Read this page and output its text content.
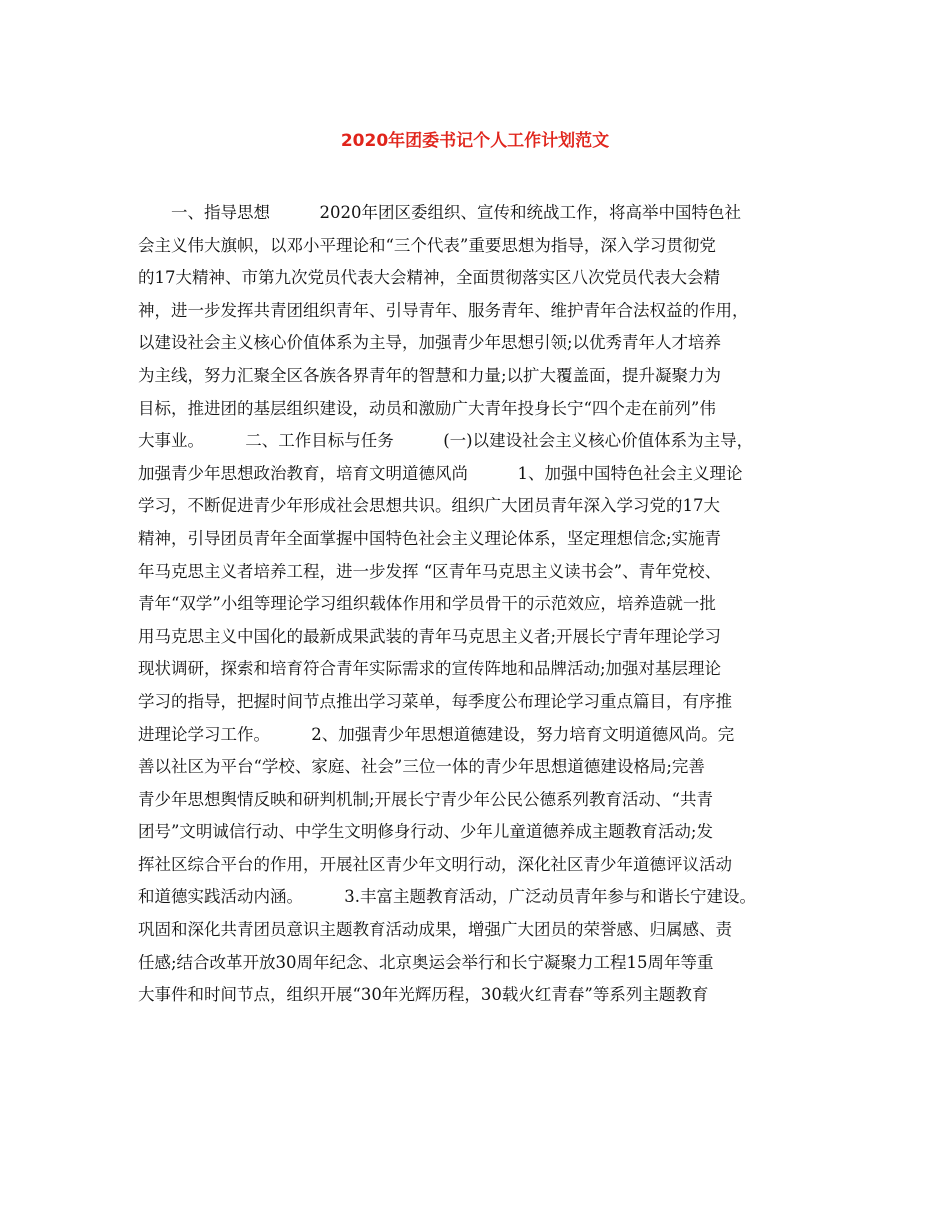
2020年团委书记个人工作计划范文
　　一、指导思想　　　2020年团区委组织、宣传和统战工作，将高举中国特色社
会主义伟大旗帜，以邓小平理论和“三个代表”重要思想为指导，深入学习贯彻党
的17大精神、市第九次党员代表大会精神，全面贯彻落实区八次党员代表大会精
神，进一步发挥共青团组织青年、引导青年、服务青年、维护青年合法权益的作用，
以建设社会主义核心价值体系为主导，加强青少年思想引领;以优秀青年人才培养
为主线，努力汇聚全区各族各界青年的智慧和力量;以扩大覆盖面，提升凝聚力为
目标，推进团的基层组织建设，动员和激励广大青年投身长宁“四个走在前列”伟
大事业。　　　二、工作目标与任务　　　(一)以建设社会主义核心价值体系为主导，
加强青少年思想政治教育，培育文明道德风尚　　　1、加强中国特色社会主义理论
学习，不断促进青少年形成社会思想共识。组织广大团员青年深入学习党的17大
精神，引导团员青年全面掌握中国特色社会主义理论体系，坚定理想信念;实施青
年马克思主义者培养工程，进一步发挥 “区青年马克思主义读书会”、青年党校、
青年“双学”小组等理论学习组织载体作用和学员骨干的示范效应，培养造就一批
用马克思主义中国化的最新成果武装的青年马克思主义者;开展长宁青年理论学习
现状调研，探索和培育符合青年实际需求的宣传阵地和品牌活动;加强对基层理论
学习的指导，把握时间节点推出学习菜单，每季度公布理论学习重点篇目，有序推
进理论学习工作。　　　2、加强青少年思想道德建设，努力培育文明道德风尚。完
善以社区为平台“学校、家庭、社会”三位一体的青少年思想道德建设格局;完善
青少年思想舆情反映和研判机制;开展长宁青少年公民公德系列教育活动、“共青
团号”文明诚信行动、中学生文明修身行动、少年儿童道德养成主题教育活动;发
挥社区综合平台的作用，开展社区青少年文明行动，深化社区青少年道德评议活动
和道德实践活动内涵。　　　3.丰富主题教育活动，广泛动员青年参与和谐长宁建设。
巩固和深化共青团员意识主题教育活动成果，增强广大团员的荣誉感、归属感、责
任感;结合改革开放30周年纪念、北京奥运会举行和长宁凝聚力工程15周年等重
大事件和时间节点，组织开展“30年光辉历程，30载火红青春”等系列主题教育
